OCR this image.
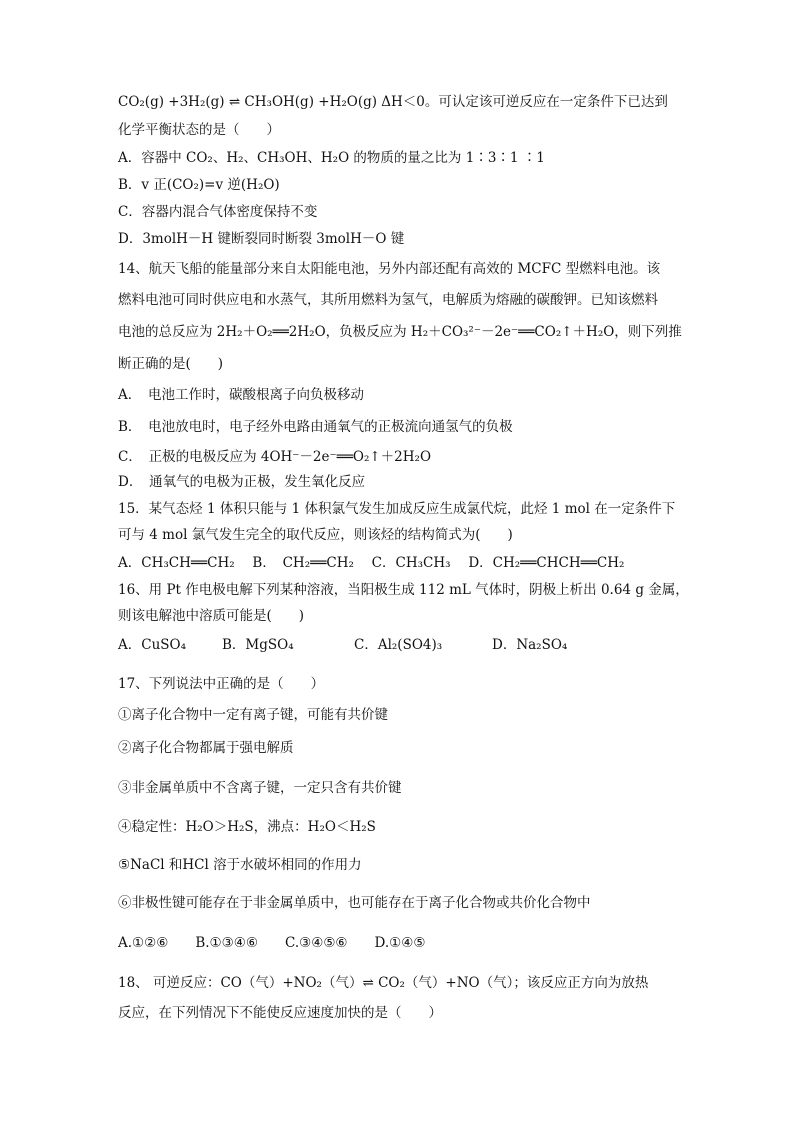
CO₂(g) +3H₂(g) ⇌ CH₃OH(g) +H₂O(g) ΔH＜0。可认定该可逆反应在一定条件下已达到
化学平衡状态的是（　　）
A．容器中 CO₂、H₂、CH₃OH、H₂O 的物质的量之比为 1∶3∶1 ∶1
B．v 正(CO₂)=v 逆(H₂O)
C．容器内混合气体密度保持不变
D．3molH－H 键断裂同时断裂 3molH－O 键
14、航天飞船的能量部分来自太阳能电池，另外内部还配有高效的 MCFC 型燃料电池。该
燃料电池可同时供应电和水蒸气，其所用燃料为氢气，电解质为熔融的碳酸钾。已知该燃料
电池的总反应为 2H₂＋O₂══2H₂O，负极反应为 H₂＋CO₃²⁻－2e⁻══CO₂↑＋H₂O，则下列推
断正确的是(　　)
A．　电池工作时，碳酸根离子向负极移动
B．　电池放电时，电子经外电路由通氧气的正极流向通氢气的负极
C．　正极的电极反应为 4OH⁻－2e⁻══O₂↑＋2H₂O
D．　通氧气的电极为正极，发生氧化反应
15．某气态烃 1 体积只能与 1 体积氯气发生加成反应生成氯代烷，此烃 1 mol 在一定条件下
可与 4 mol 氯气发生完全的取代反应，则该烃的结构简式为(　　)
A．CH₃CH══CH₂　 B．　CH₂══CH₂　 C．CH₃CH₃　 D．CH₂══CHCH══CH₂
16、用 Pt 作电极电解下列某种溶液，当阳极生成 112 mL 气体时，阴极上析出 0.64 g 金属，
则该电解池中溶质可能是(　　)
A．CuSO₄	B．MgSO₄	C．Al₂(SO4)₃	D．Na₂SO₄
17、下列说法中正确的是（　　）
①离子化合物中一定有离子键，可能有共价键
②离子化合物都属于强电解质
③非金属单质中不含离子键，一定只含有共价键
④稳定性：H₂O＞H₂S，沸点：H₂O＜H₂S
⑤NaCl 和HCl 溶于水破坏相同的作用力
⑥非极性键可能存在于非金属单质中，也可能存在于离子化合物或共价化合物中
A.①②⑥　　B.①③④⑥　　C.③④⑤⑥　　D.①④⑤
18、 可逆反应：CO（气）+NO₂（气）⇌ CO₂（气）+NO（气）；该反应正方向为放热
反应，在下列情况下不能使反应速度加快的是（　　）
